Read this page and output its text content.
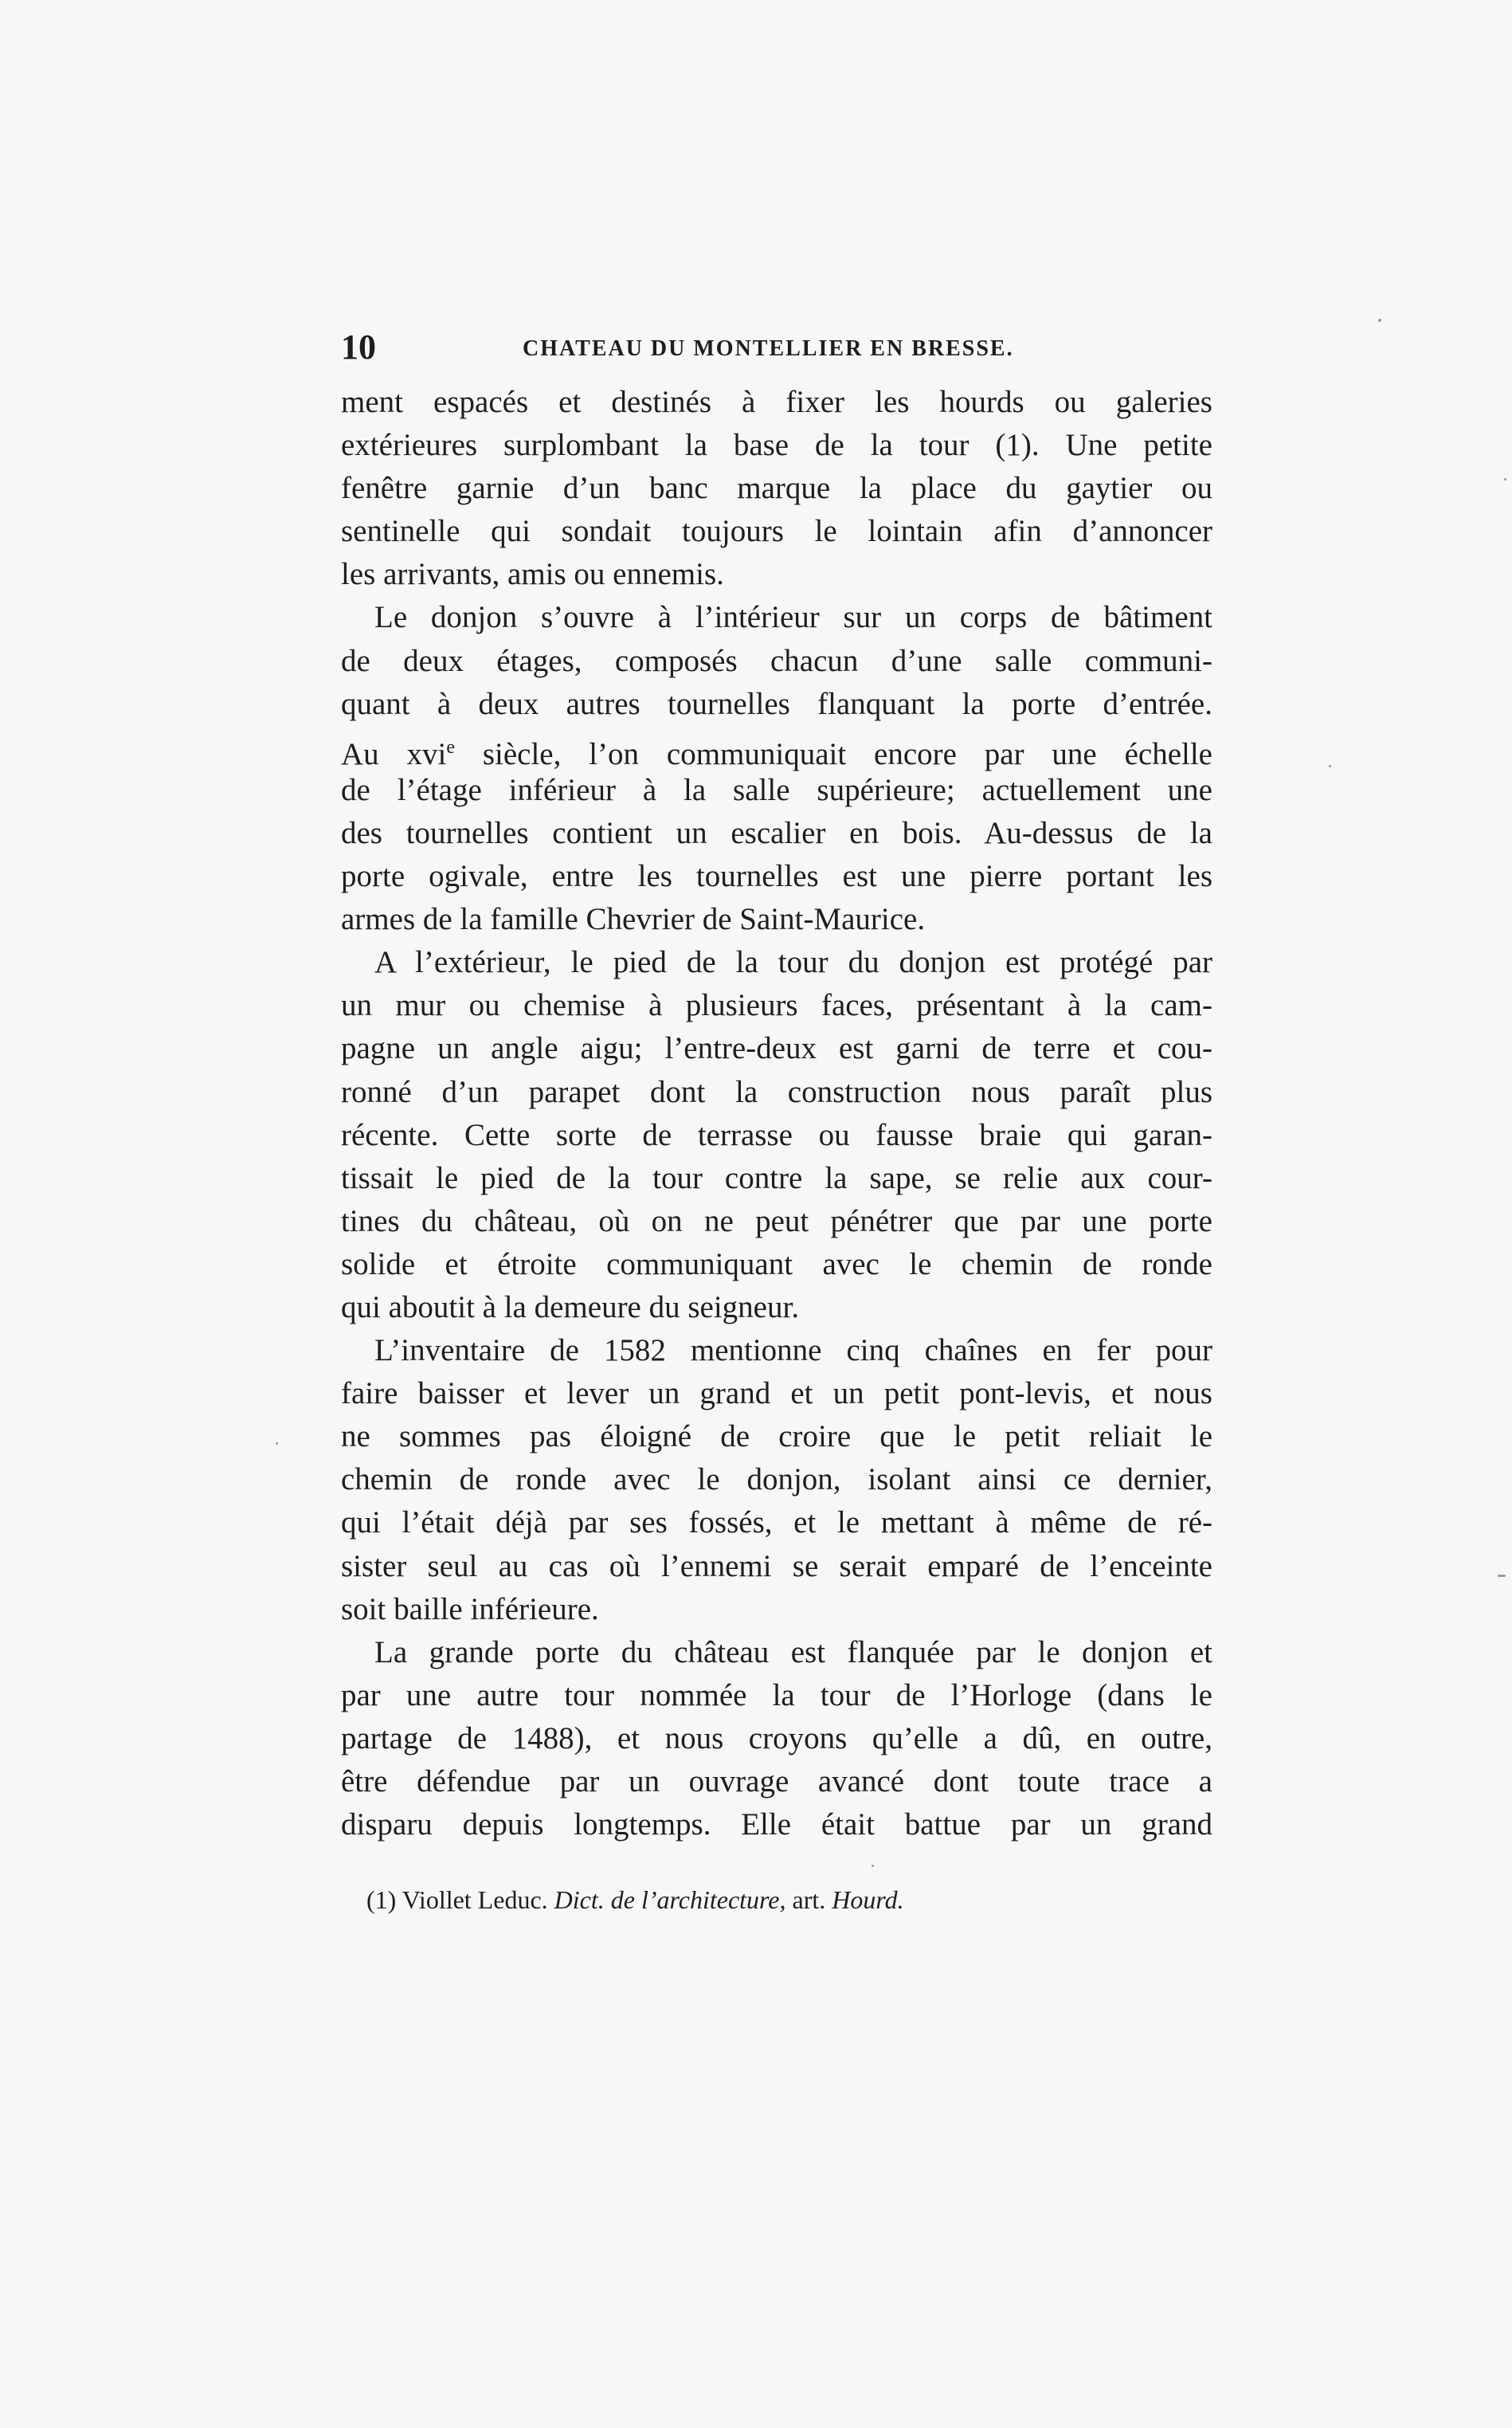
10	CHATEAU DU MONTELLIER EN BRESSE.
ment espacés et destinés à fixer les hourds ou galeries
extérieures surplombant la base de la tour (1). Une petite
fenêtre garnie d’un banc marque la place du gaytier ou
sentinelle qui sondait toujours le lointain afin d’annoncer
les arrivants, amis ou ennemis.
Le donjon s’ouvre à l’intérieur sur un corps de bâtiment
de deux étages, composés chacun d’une salle communi-
quant à deux autres tournelles flanquant la porte d’entrée.
Au xvi$^e$ siècle, l’on communiquait encore par une échelle
de l’étage inférieur à la salle supérieure; actuellement une
des tournelles contient un escalier en bois. Au-dessus de la
porte ogivale, entre les tournelles est une pierre portant les
armes de la famille Chevrier de Saint-Maurice.
A l’extérieur, le pied de la tour du donjon est protégé par
un mur ou chemise à plusieurs faces, présentant à la cam-
pagne un angle aigu; l’entre-deux est garni de terre et cou-
ronné d’un parapet dont la construction nous paraît plus
récente. Cette sorte de terrasse ou fausse braie qui garan-
tissait le pied de la tour contre la sape, se relie aux cour-
tines du château, où on ne peut pénétrer que par une porte
solide et étroite communiquant avec le chemin de ronde
qui aboutit à la demeure du seigneur.
L’inventaire de 1582 mentionne cinq chaînes en fer pour
faire baisser et lever un grand et un petit pont-levis, et nous
ne sommes pas éloigné de croire que le petit reliait le
chemin de ronde avec le donjon, isolant ainsi ce dernier,
qui l’était déjà par ses fossés, et le mettant à même de ré-
sister seul au cas où l’ennemi se serait emparé de l’enceinte
soit baille inférieure.
La grande porte du château est flanquée par le donjon et
par une autre tour nommée la tour de l’Horloge (dans le
partage de 1488), et nous croyons qu’elle a dû, en outre,
être défendue par un ouvrage avancé dont toute trace a
disparu depuis longtemps. Elle était battue par un grand
(1) Viollet Leduc. Dict. de l’architecture, art. Hourd.
